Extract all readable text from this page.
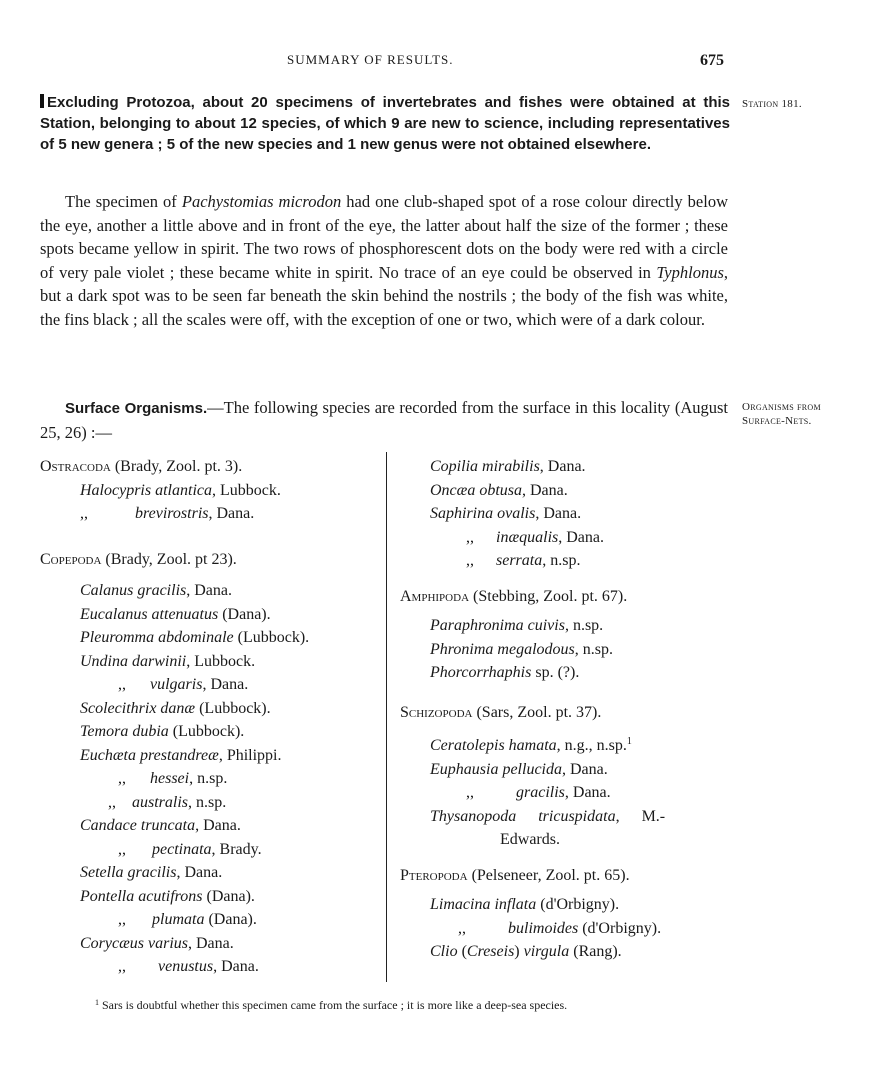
SUMMARY OF RESULTS.	675
Station 181.
Organisms from
Surface-Nets.
Excluding Protozoa, about 20 specimens of invertebrates and fishes were obtained at this Station, belonging to about 12 species, of which 9 are new to science, including representatives of 5 new genera ; 5 of the new species and 1 new genus were not obtained elsewhere.
The specimen of Pachystomias microdon had one club-shaped spot of a rose colour directly below the eye, another a little above and in front of the eye, the latter about half the size of the former ; these spots became yellow in spirit. The two rows of phosphorescent dots on the body were red with a circle of very pale violet ; these became white in spirit. No trace of an eye could be observed in Typhlonus, but a dark spot was to be seen far beneath the skin behind the nostrils ; the body of the fish was white, the fins black ; all the scales were off, with the exception of one or two, which were of a dark colour.
Surface Organisms.—The following species are recorded from the surface in this locality (August 25, 26) :—
Ostracoda (Brady, Zool. pt. 3).
Halocypris atlantica, Lubbock.
,,	brevirostris, Dana.
Copepoda (Brady, Zool. pt 23).
Calanus gracilis, Dana.
Eucalanus attenuatus (Dana).
Pleuromma abdominale (Lubbock).
Undina darwinii, Lubbock.
,, vulgaris, Dana.
Scolecithrix danæ (Lubbock).
Temora dubia (Lubbock).
Euchæta prestandreæ, Philippi.
,, hessei, n.sp.
,, australis, n.sp.
Candace truncata, Dana.
,, pectinata, Brady.
Setella gracilis, Dana.
Pontella acutifrons (Dana).
,, plumata (Dana).
Corycæus varius, Dana.
,, venustus, Dana.
Copilia mirabilis, Dana.
Oncæa obtusa, Dana.
Saphirina ovalis, Dana.
,, inæqualis, Dana.
,, serrata, n.sp.
Amphipoda (Stebbing, Zool. pt. 67).
Paraphronima cuivis, n.sp.
Phronima megalodous, n.sp.
Phorcorrhaphis sp. (?).
Schizopoda (Sars, Zool. pt. 37).
Ceratolepis hamata, n.g., n.sp.$^1$
Euphausia pellucida, Dana.
,,	gracilis, Dana.
Thysanopoda tricuspidata, M.-
Edwards.
Pteropoda (Pelseneer, Zool. pt. 65).
Limacina inflata (d'Orbigny).
,,	bulimoides (d'Orbigny).
Clio (Creseis) virgula (Rang).
$^1$ Sars is doubtful whether this specimen came from the surface ; it is more like a deep-sea species.
